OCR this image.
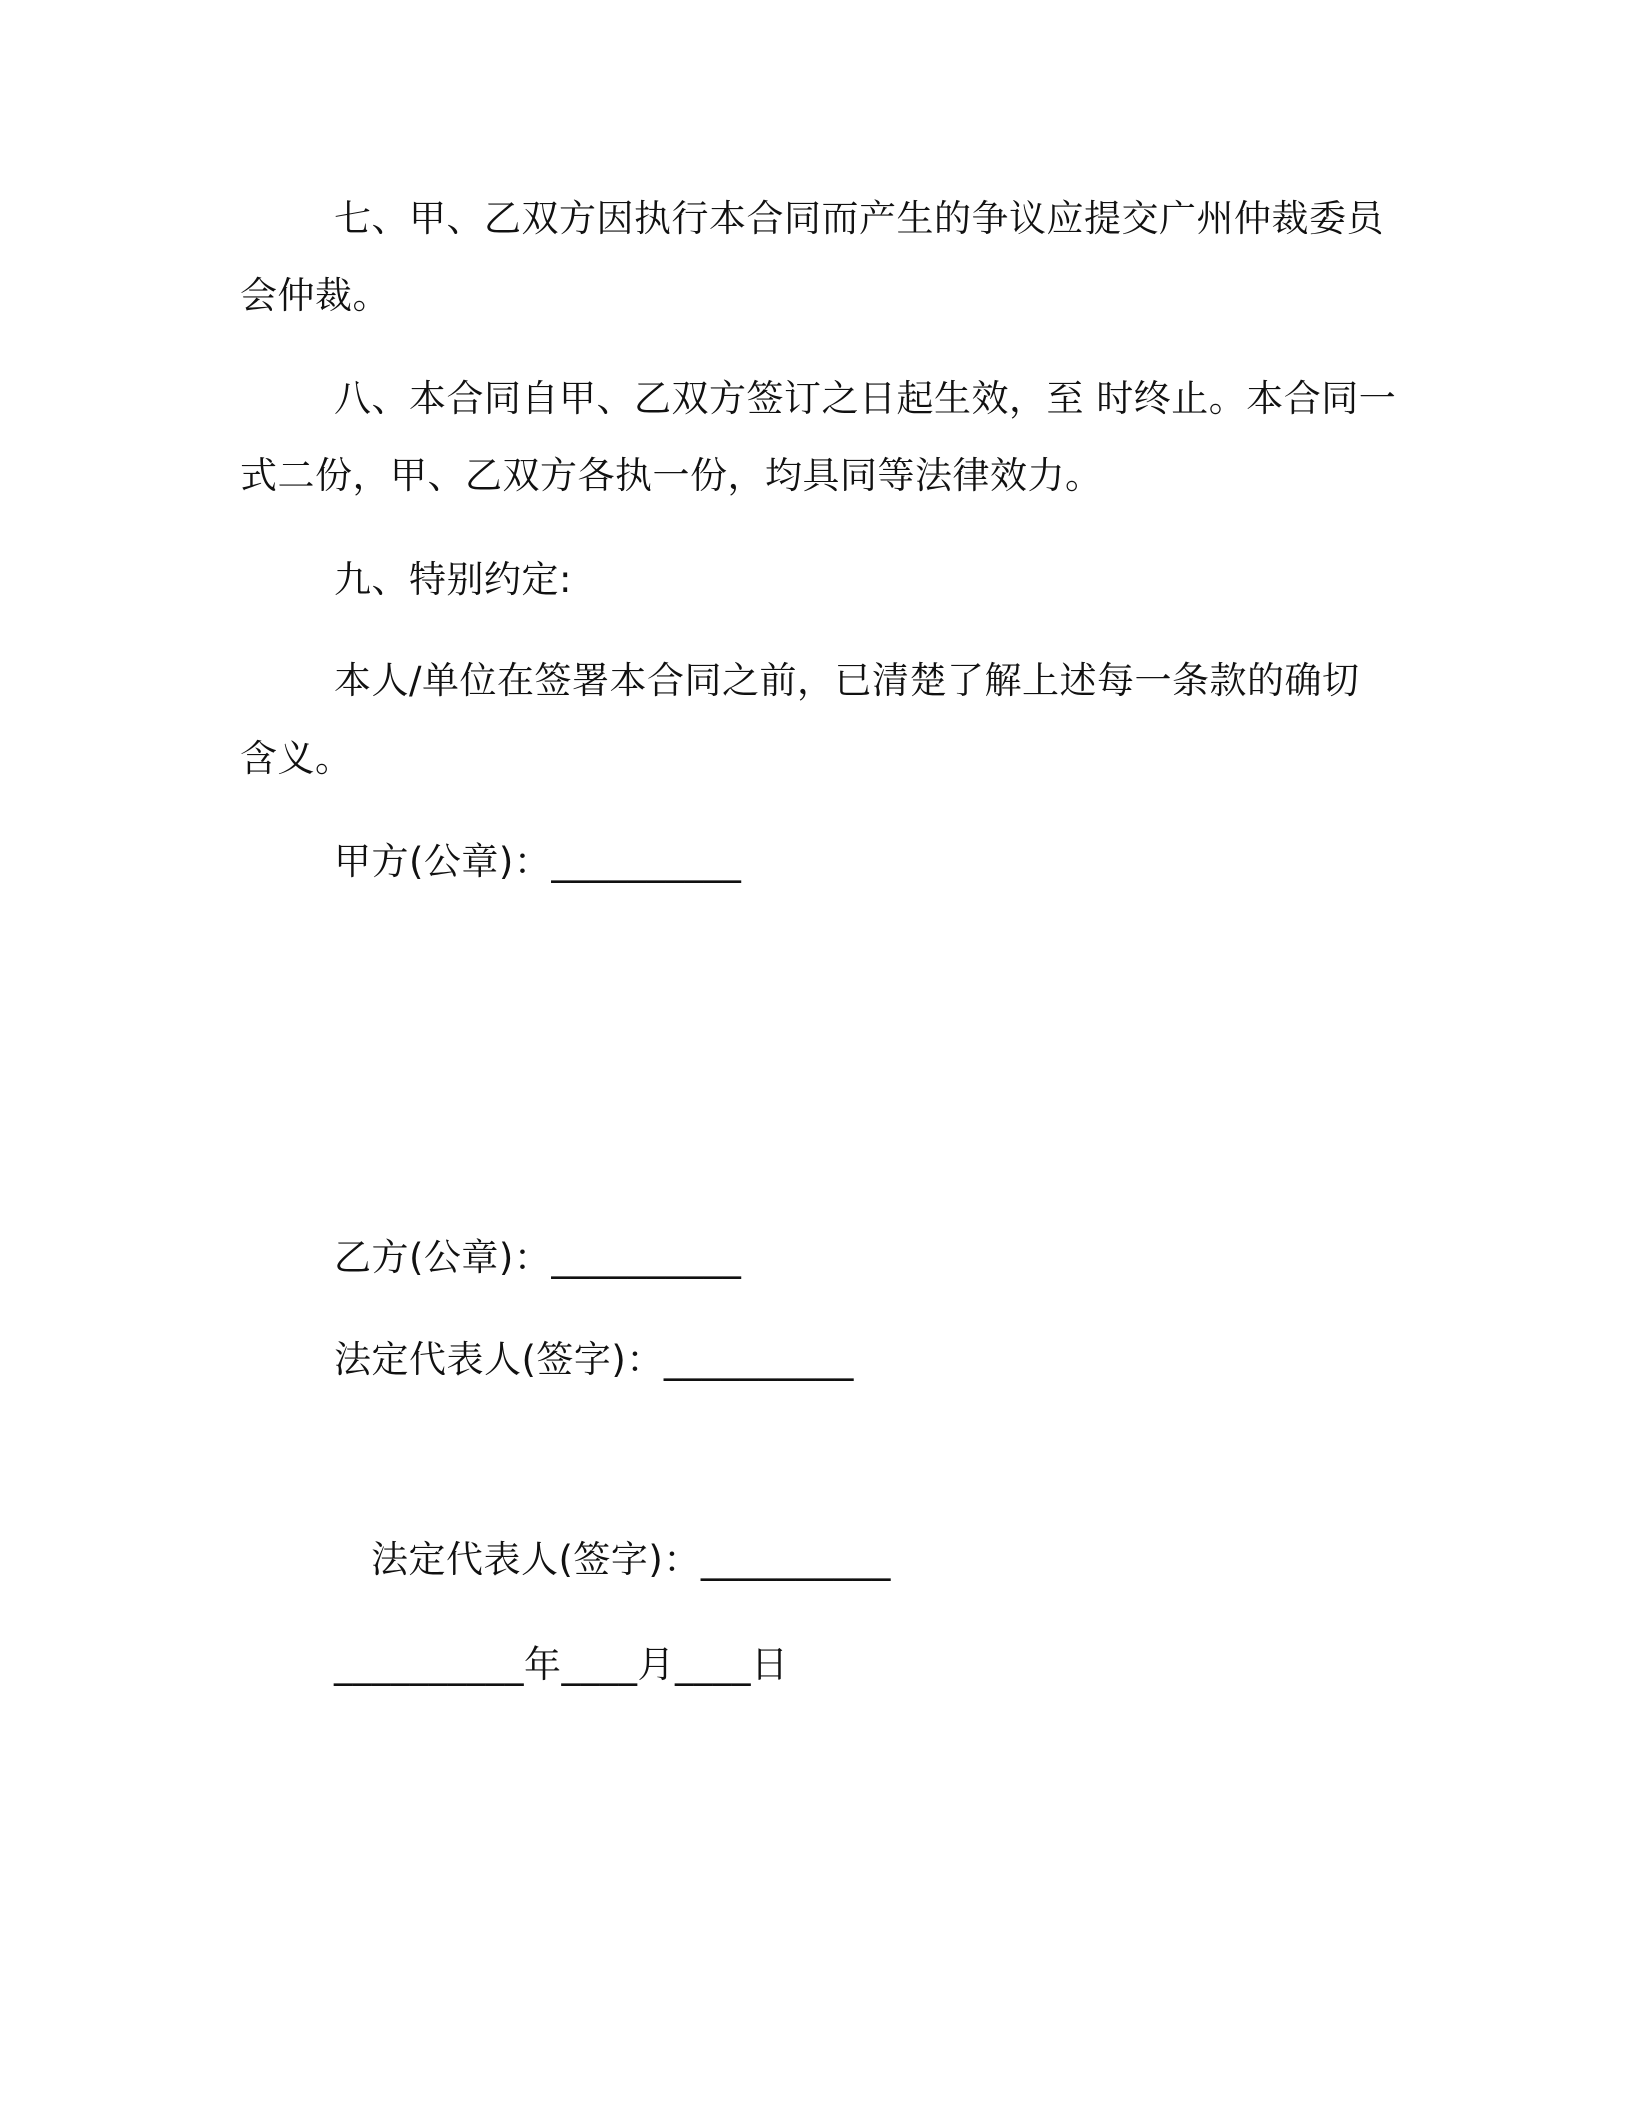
七、甲、乙双方因执行本合同而产生的争议应提交广州仲裁委员
会仲裁。
八、本合同自甲、乙双方签订之日起生效，至 时终止。本合同一
式二份，甲、乙双方各执一份，均具同等法律效力。
九、特别约定:
本人/单位在签署本合同之前，已清楚了解上述每一条款的确切
含义。
甲方(公章)：__________
乙方(公章)：__________
法定代表人(签字)：__________
法定代表人(签字)：__________
__________年____月____日
